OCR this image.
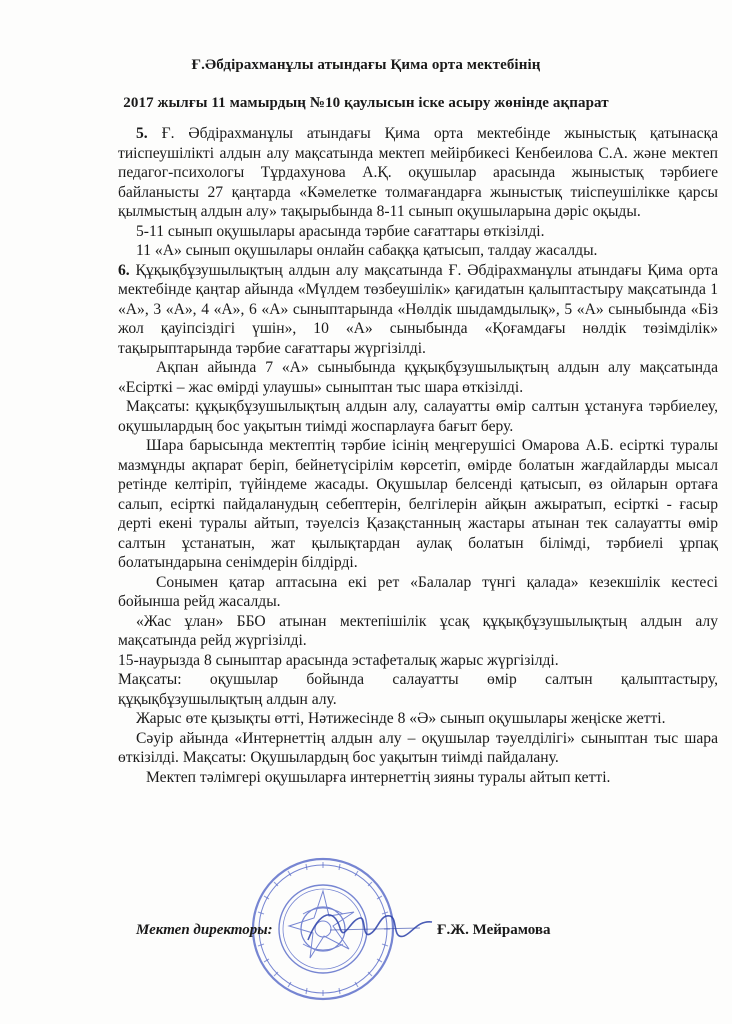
Ғ.Әбдірахманұлы атындағы Қима орта мектебінің
2017 жылғы 11 мамырдың №10 қаулысын іске асыру жөнінде ақпарат

5. Ғ. Әбдірахманұлы атындағы Қима орта мектебінде жыныстық қатынасқа тиіспеушілікті алдын алу мақсатында мектеп мейірбикесі Кенбеилова С.А. және мектеп педагог-психологы Тұрдахунова А.Қ. оқушылар арасында жыныстық тәрбиеге байланысты 27 қаңтарда «Кәмелетке толмағандарға жыныстық тиіспеушілікке қарсы қылмыстың алдын алу» тақырыбында 8-11 сынып оқушыларына дәріс оқыды.

5-11 сынып оқушылары арасында тәрбие сағаттары өткізілді.

11 «А» сынып оқушылары онлайн сабаққа қатысып, талдау жасалды.

6. Құқықбұзушылықтың алдын алу мақсатында Ғ. Әбдірахманұлы атындағы Қима орта мектебінде қаңтар айында «Мүлдем төзбеушілік» қағидатын қалыптастыру мақсатында 1 «А», 3 «А», 4 «А», 6 «А» сыныптарында «Нөлдік шыдамдылық», 5 «А» сыныбында «Біз жол қауіпсіздігі үшін», 10 «А» сыныбында «Қоғамдағы нөлдік төзімділік» тақырыптарында тәрбие сағаттары жүргізілді.

Ақпан айында 7 «А» сыныбында құқықбұзушылықтың алдын алу мақсатында «Есірткі – жас өмірді улаушы» сыныптан тыс шара өткізілді.

Мақсаты: құқықбұзушылықтың алдын алу, салауатты өмір салтын ұстануға тәрбиелеу, оқушылардың бос уақытын тиімді жоспарлауға бағыт беру.

Шара барысында мектептің тәрбие ісінің меңгерушісі Омарова А.Б. есірткі туралы мазмұнды ақпарат беріп, бейнетүсірілім көрсетіп, өмірде болатын жағдайларды мысал ретінде келтіріп, түйіндеме жасады. Оқушылар белсенді қатысып, өз ойларын ортаға салып, есірткі пайдаланудың себептерін, белгілерін айқын ажыратып, есірткі - ғасыр дерті екені туралы айтып, тәуелсіз Қазақстанның жастары атынан тек салауатты өмір салтын ұстанатын, жат қылықтардан аулақ болатын білімді, тәрбиелі ұрпақ болатындарына сенімдерін білдірді.

Сонымен қатар аптасына екі рет «Балалар түнгі қалада» кезекшілік кестесі бойынша рейд жасалды.

«Жас ұлан» ББО атынан мектепішілік ұсақ құқықбұзушылықтың алдын алу мақсатында рейд жүргізілді.

15-наурызда 8 сыныптар арасында эстафеталық жарыс жүргізілді.

Мақсаты: оқушылар бойында салауатты өмір салтын қалыптастыру, құқықбұзушылықтың алдын алу.

Жарыс өте қызықты өтті, Нәтижесінде 8 «Ә» сынып оқушылары жеңіске жетті.

Сәуір айында «Интернеттің алдын алу – оқушылар тәуелділігі» сыныптан тыс шара өткізілді. Мақсаты: Оқушылардың бос уақытын тиімді пайдалану.

Мектеп тәлімгері оқушыларға интернеттің зияны туралы айтып кетті.

Мектеп директоры:	Ғ.Ж. Мейрамова
